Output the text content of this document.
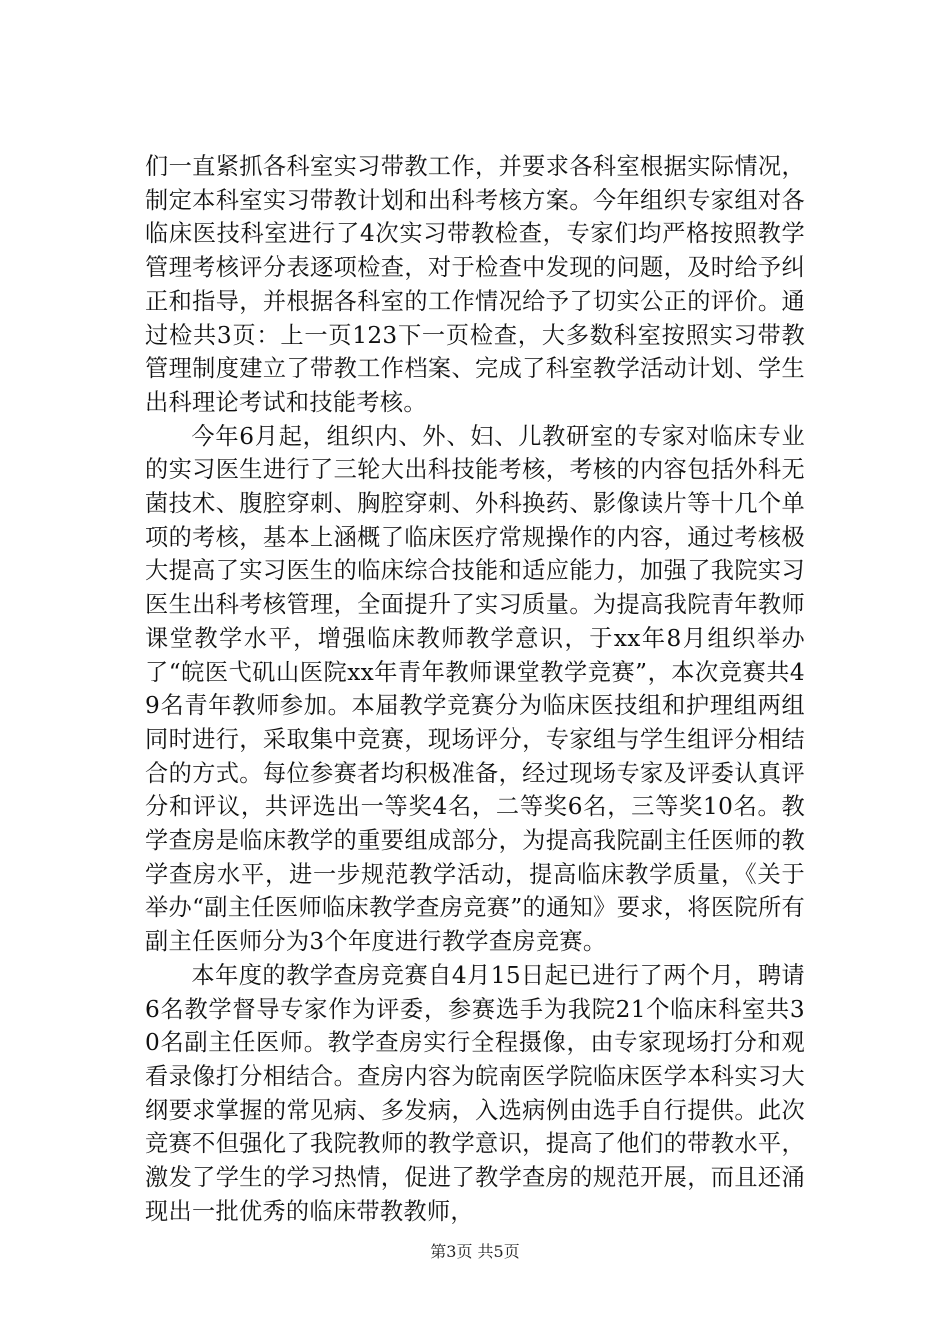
们一直紧抓各科室实习带教工作，并要求各科室根据实际情况，制定本科室实习带教计划和出科考核方案。今年组织专家组对各临床医技科室进行了4次实习带教检查，专家们均严格按照教学管理考核评分表逐项检查，对于检查中发现的问题，及时给予纠正和指导，并根据各科室的工作情况给予了切实公正的评价。通过检共3页：上一页123下一页检查，大多数科室按照实习带教管理制度建立了带教工作档案、完成了科室教学活动计划、学生出科理论考试和技能考核。

今年6月起，组织内、外、妇、儿教研室的专家对临床专业的实习医生进行了三轮大出科技能考核，考核的内容包括外科无菌技术、腹腔穿刺、胸腔穿刺、外科换药、影像读片等十几个单项的考核，基本上涵概了临床医疗常规操作的内容，通过考核极大提高了实习医生的临床综合技能和适应能力，加强了我院实习医生出科考核管理，全面提升了实习质量。为提高我院青年教师课堂教学水平，增强临床教师教学意识，于xx年8月组织举办了“皖医弋矶山医院xx年青年教师课堂教学竞赛”，本次竞赛共49名青年教师参加。本届教学竞赛分为临床医技组和护理组两组同时进行，采取集中竞赛，现场评分，专家组与学生组评分相结合的方式。每位参赛者均积极准备，经过现场专家及评委认真评分和评议，共评选出一等奖4名，二等奖6名，三等奖10名。教学查房是临床教学的重要组成部分，为提高我院副主任医师的教学查房水平，进一步规范教学活动，提高临床教学质量，《关于举办“副主任医师临床教学查房竞赛”的通知》要求，将医院所有副主任医师分为3个年度进行教学查房竞赛。

本年度的教学查房竞赛自4月15日起已进行了两个月，聘请6名教学督导专家作为评委，参赛选手为我院21个临床科室共30名副主任医师。教学查房实行全程摄像，由专家现场打分和观看录像打分相结合。查房内容为皖南医学院临床医学本科实习大纲要求掌握的常见病、多发病，入选病例由选手自行提供。此次竞赛不但强化了我院教师的教学意识，提高了他们的带教水平，激发了学生的学习热情，促进了教学查房的规范开展，而且还涌现出一批优秀的临床带教教师，

第3页 共5页
